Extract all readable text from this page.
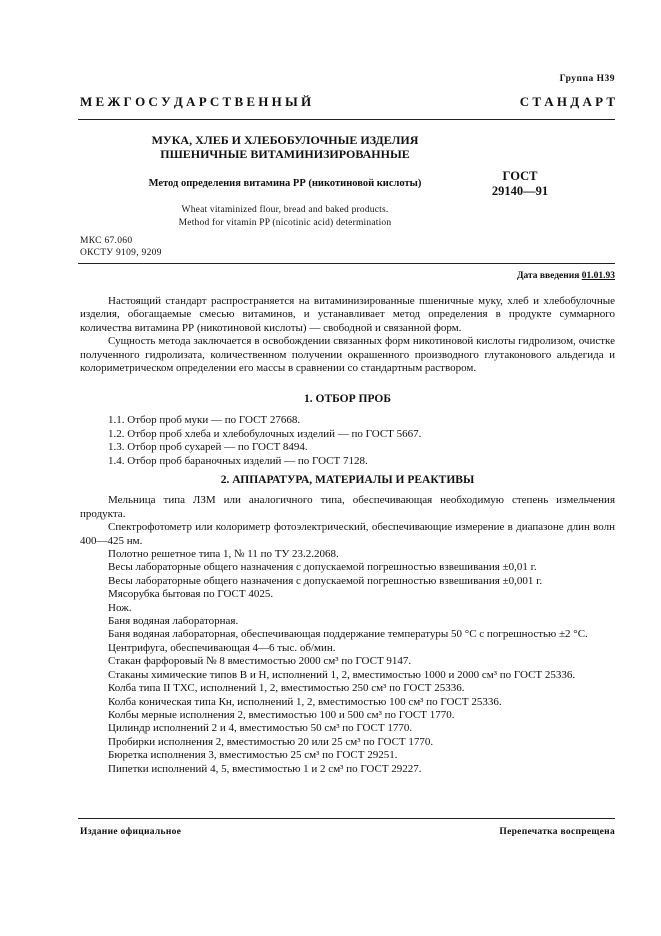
Группа Н39
М Е Ж Г О С У Д А Р С Т В Е Н Н Ы Й	С Т А Н Д А Р Т
МУКА, ХЛЕБ И ХЛЕБОБУЛОЧНЫЕ ИЗДЕЛИЯ
ПШЕНИЧНЫЕ ВИТАМИНИЗИРОВАННЫЕ
Метод определения витамина РР (никотиновой кислоты)
ГОСТ
29140—91
Wheat vitaminized flour, bread and baked products.
Method for vitamin PP (nicotinic acid) determination
МКС 67.060
ОКСТУ 9109, 9209
Дата введения 01.01.93

Настоящий стандарт распространяется на витаминизированные пшеничные муку, хлеб и хлебобулочные изделия, обогащаемые смесью витаминов, и устанавливает метод определения в продукте суммарного количества витамина РР (никотиновой кислоты) — свободной и связанной форм.

Сущность метода заключается в освобождении связанных форм никотиновой кислоты гидролизом, очистке полученного гидролизата, количественном получении окрашенного производного глутаконового альдегида и колориметрическом определении его массы в сравнении со стандартным раствором.

1. ОТБОР ПРОБ

1.1. Отбор проб муки — по ГОСТ 27668.

1.2. Отбор проб хлеба и хлебобулочных изделий — по ГОСТ 5667.

1.3. Отбор проб сухарей — по ГОСТ 8494.

1.4. Отбор проб бараночных изделий — по ГОСТ 7128.

2. АППАРАТУРА, МАТЕРИАЛЫ И РЕАКТИВЫ

Мельница типа ЛЗМ или аналогичного типа, обеспечивающая необходимую степень измельчения продукта.

Спектрофотометр или колориметр фотоэлектрический, обеспечивающие измерение в диапазоне длин волн 400—425 нм.

Полотно решетное типа 1, № 11 по ТУ 23.2.2068.

Весы лабораторные общего назначения с допускаемой погрешностью взвешивания ±0,01 г.

Весы лабораторные общего назначения с допускаемой погрешностью взвешивания ±0,001 г.

Мясорубка бытовая по ГОСТ 4025.

Нож.

Баня водяная лабораторная.

Баня водяная лабораторная, обеспечивающая поддержание температуры 50 °С с погрешностью ±2 °С.

Центрифуга, обеспечивающая 4—6 тыс. об/мин.

Стакан фарфоровый № 8 вместимостью 2000 см³ по ГОСТ 9147.

Стаканы химические типов В и Н, исполнений 1, 2, вместимостью 1000 и 2000 см³ по ГОСТ 25336.

Колба типа II ТХС, исполнений 1, 2, вместимостью 250 см³ по ГОСТ 25336.

Колба коническая типа Кн, исполнений 1, 2, вместимостью 100 см³ по ГОСТ 25336.

Колбы мерные исполнения 2, вместимостью 100 и 500 см³ по ГОСТ 1770.

Цилиндр исполнений 2 и 4, вместимостью 50 см³ по ГОСТ 1770.

Пробирки исполнения 2, вместимостью 20 или 25 см³ по ГОСТ 1770.

Бюретка исполнения 3, вместимостью 25 см³ по ГОСТ 29251.

Пипетки исполнений 4, 5, вместимостью 1 и 2 см³ по ГОСТ 29227.

Издание официальное	Перепечатка воспрещена
